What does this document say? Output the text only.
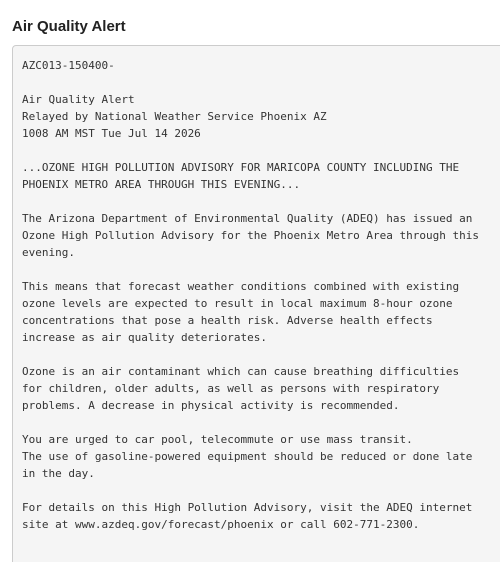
Air Quality Alert
AZC013-150400-

Air Quality Alert
Relayed by National Weather Service Phoenix AZ
1008 AM MST Tue Jul 14 2026

...OZONE HIGH POLLUTION ADVISORY FOR MARICOPA COUNTY INCLUDING THE
PHOENIX METRO AREA THROUGH THIS EVENING...

The Arizona Department of Environmental Quality (ADEQ) has issued an
Ozone High Pollution Advisory for the Phoenix Metro Area through this
evening.

This means that forecast weather conditions combined with existing
ozone levels are expected to result in local maximum 8-hour ozone
concentrations that pose a health risk. Adverse health effects
increase as air quality deteriorates.

Ozone is an air contaminant which can cause breathing difficulties
for children, older adults, as well as persons with respiratory
problems. A decrease in physical activity is recommended.

You are urged to car pool, telecommute or use mass transit.
The use of gasoline-powered equipment should be reduced or done late
in the day.

For details on this High Pollution Advisory, visit the ADEQ internet
site at www.azdeq.gov/forecast/phoenix or call 602-771-2300.
